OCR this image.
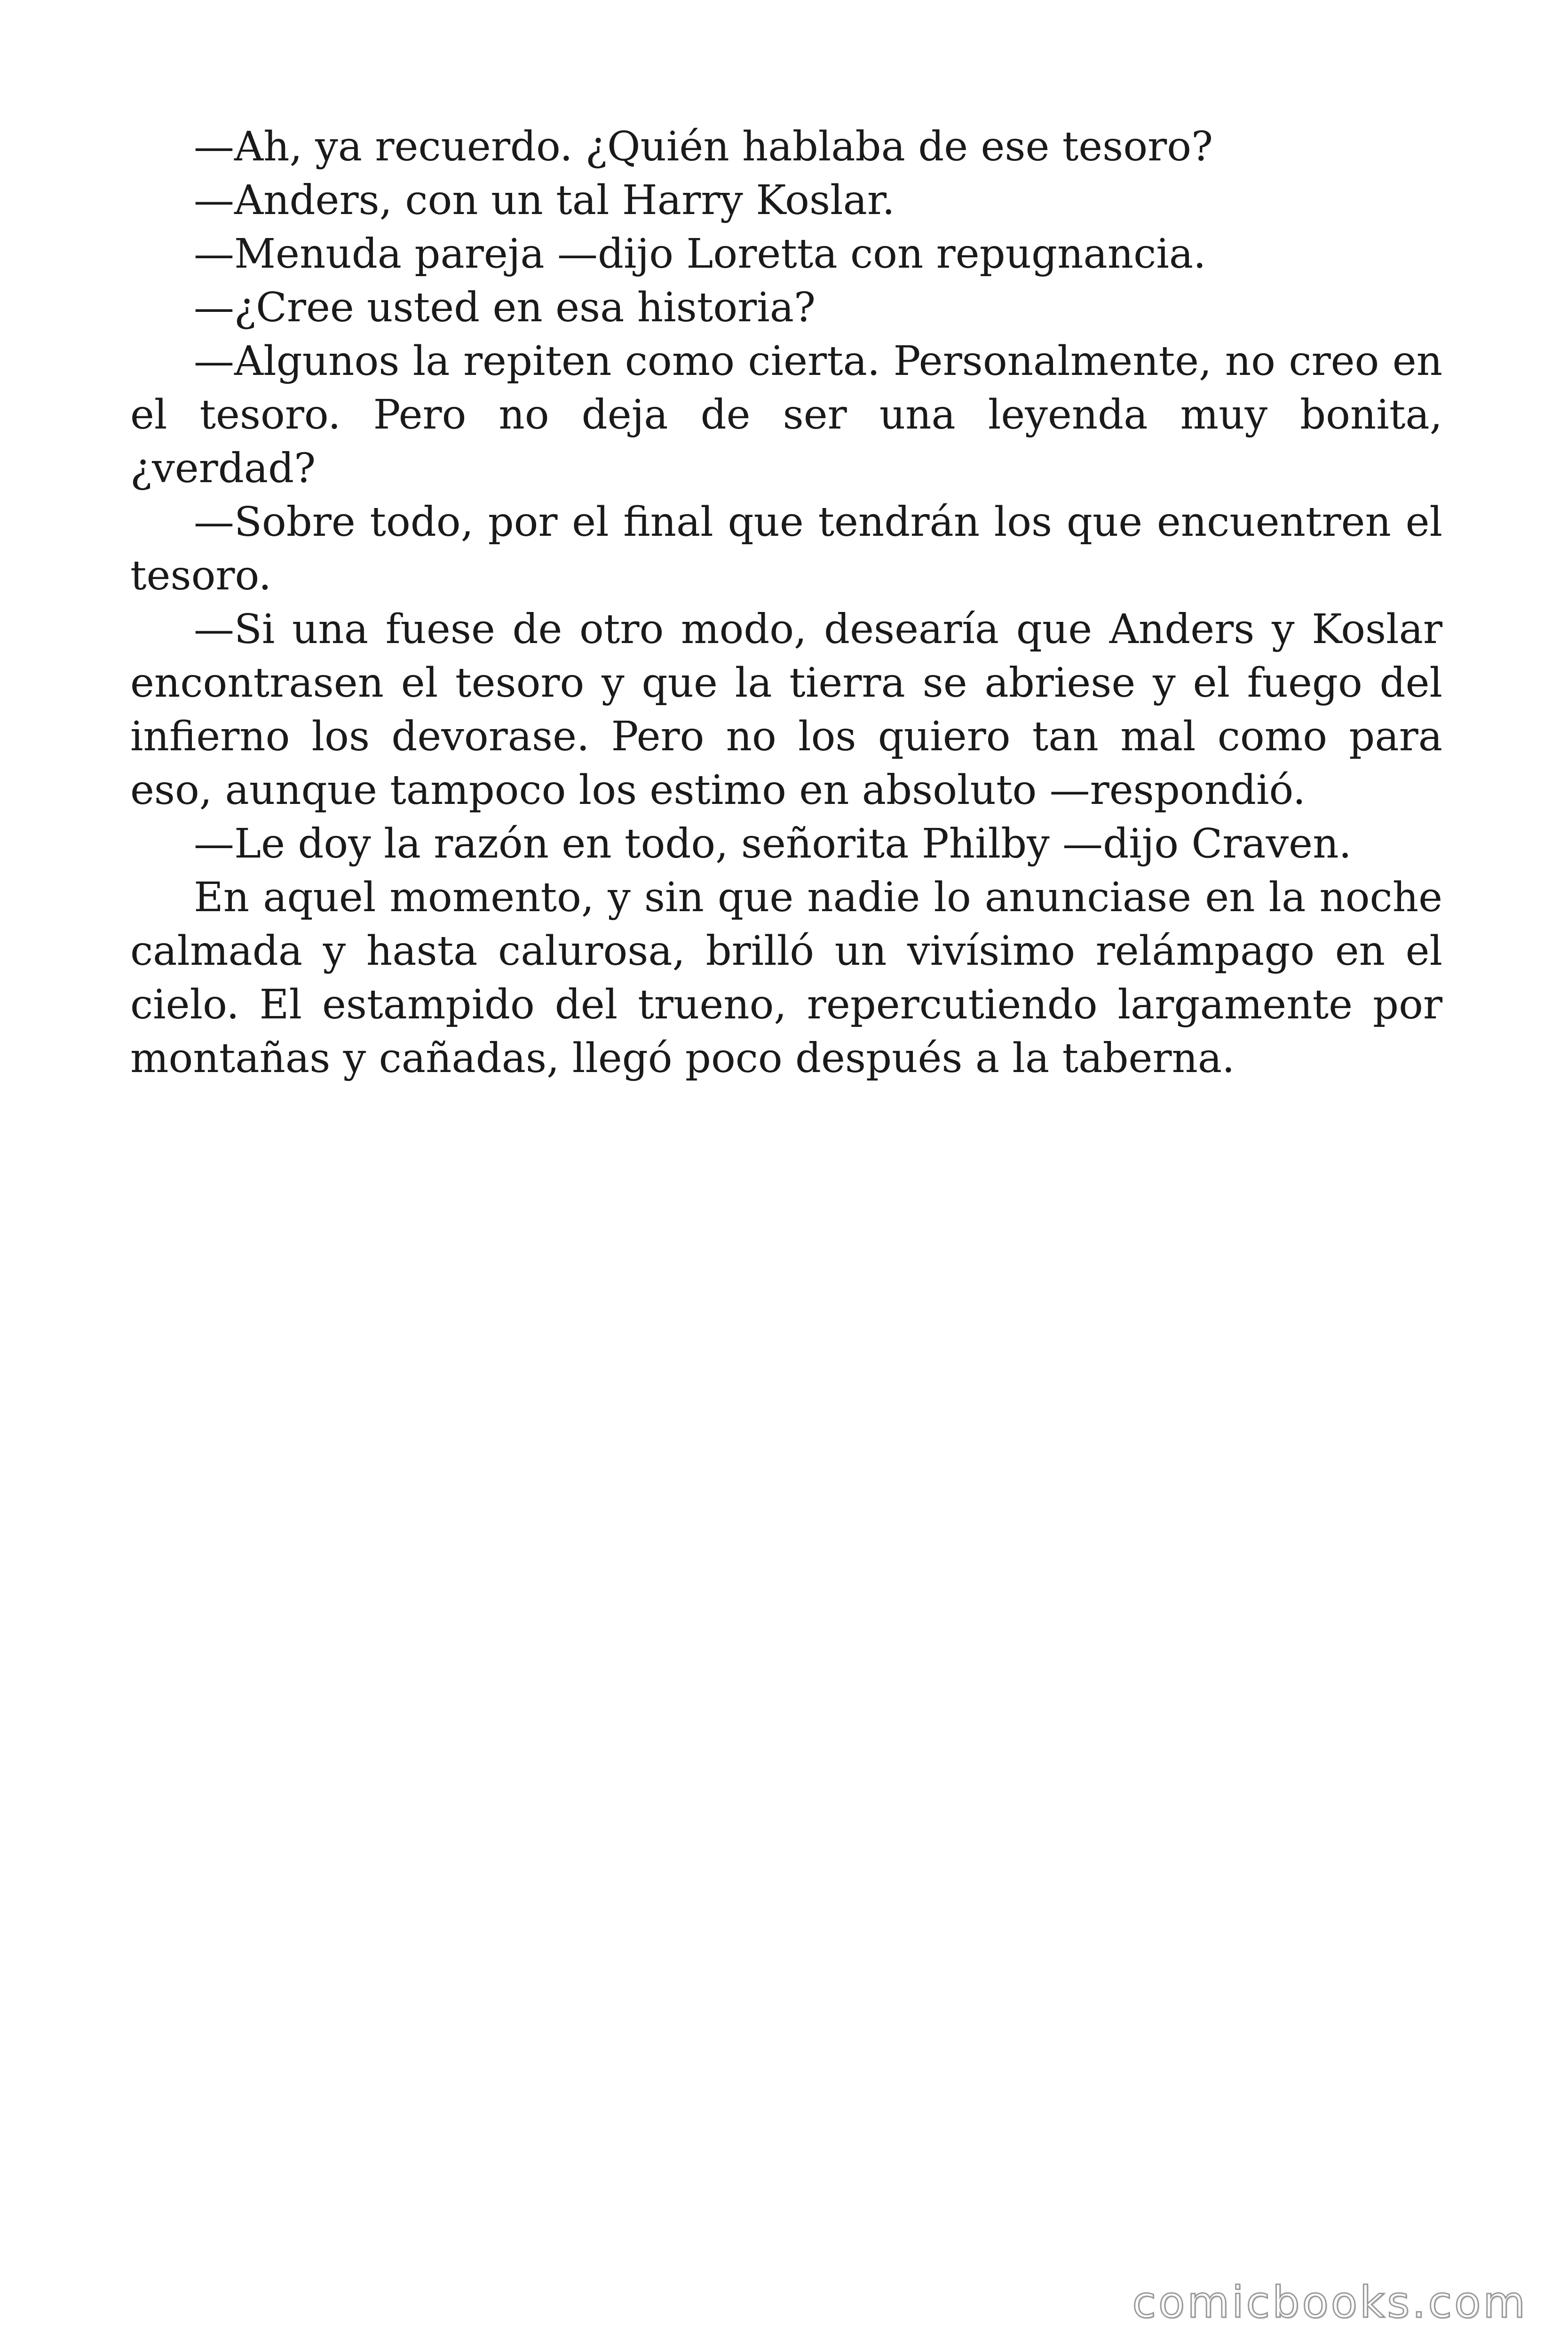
—Ah, ya recuerdo. ¿Quién hablaba de ese tesoro?

—Anders, con un tal Harry Koslar.

—Menuda pareja —dijo Loretta con repugnancia.

—¿Cree usted en esa historia?

—Algunos la repiten como cierta. Personalmente, no creo en el tesoro. Pero no deja de ser una leyenda muy bonita, ¿verdad?

—Sobre todo, por el final que tendrán los que encuentren el tesoro.

—Si una fuese de otro modo, desearía que Anders y Koslar encontrasen el tesoro y que la tierra se abriese y el fuego del infierno los devorase. Pero no los quiero tan mal como para eso, aunque tampoco los estimo en absoluto —respondió.

—Le doy la razón en todo, señorita Philby —dijo Craven.

En aquel momento, y sin que nadie lo anunciase en la noche calmada y hasta calurosa, brilló un vivísimo relámpago en el cielo. El estampido del trueno, repercutiendo largamente por montañas y cañadas, llegó poco después a la taberna.

comicbooks.com
